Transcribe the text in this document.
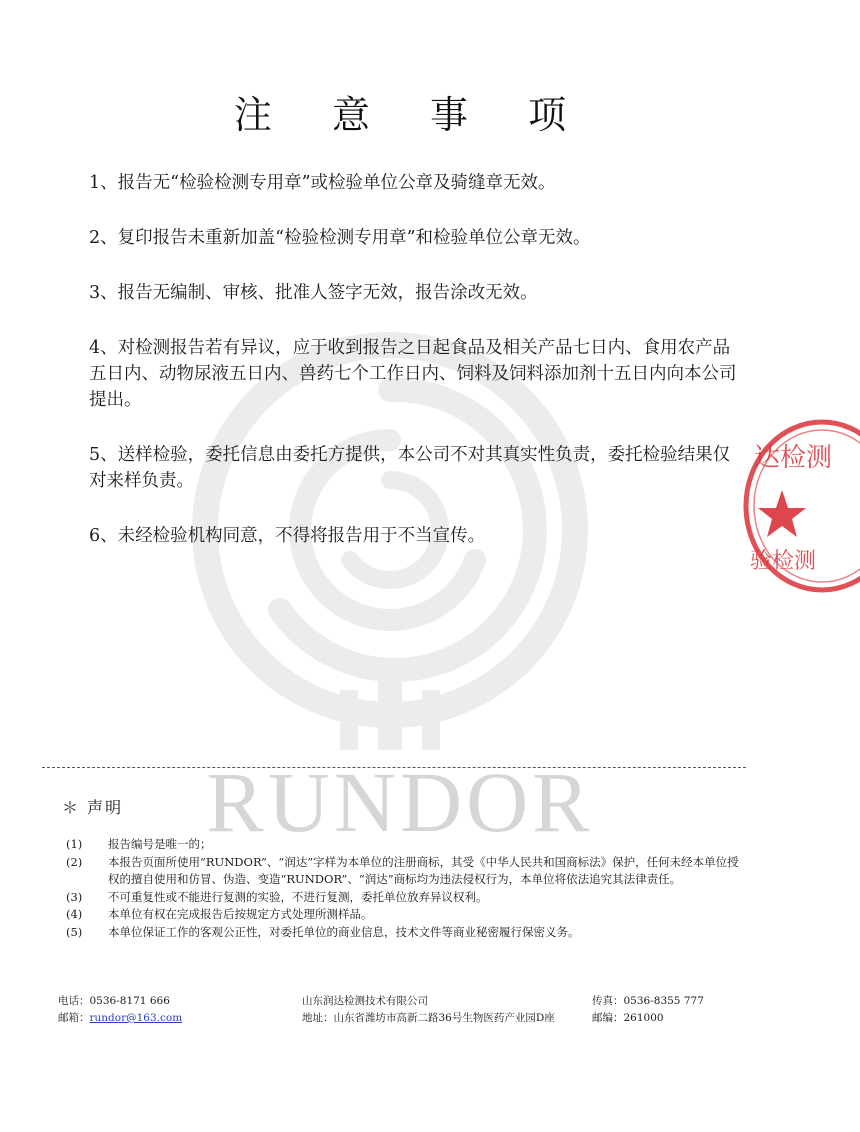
RUNDOR
注 意 事 项

1、报告无“检验检测专用章”或检验单位公章及骑缝章无效。

2、复印报告未重新加盖“检验检测专用章”和检验单位公章无效。

3、报告无编制、审核、批准人签字无效，报告涂改无效。

4、对检测报告若有异议，应于收到报告之日起食品及相关产品七日内、食用农产品五日内、动物尿液五日内、兽药七个工作日内、饲料及饲料添加剂十五日内向本公司提出。

5、送样检验，委托信息由委托方提供，本公司不对其真实性负责，委托检验结果仅对来样负责。

6、未经检验机构同意，不得将报告用于不当宣传。

达检测
验检测
＊ 声明
(1)	报告编号是唯一的；
(2)	本报告页面所使用“RUNDOR”、“润达”字样为本单位的注册商标，其受《中华人民共和国商标法》保护，任何未经本单位授权的擅自使用和仿冒、伪造、变造“RUNDOR”、“润达”商标均为违法侵权行为，本单位将依法追究其法律责任。
(3)	不可重复性或不能进行复测的实验，不进行复测，委托单位放弃异议权利。
(4)	本单位有权在完成报告后按规定方式处理所测样品。
(5)	本单位保证工作的客观公正性，对委托单位的商业信息，技术文件等商业秘密履行保密义务。
电话：0536-8171 666	山东润达检测技术有限公司	传真：0536-8355 777
邮箱：rundor@163.com	地址：山东省潍坊市高新二路36号生物医药产业园D座	邮编：261000
